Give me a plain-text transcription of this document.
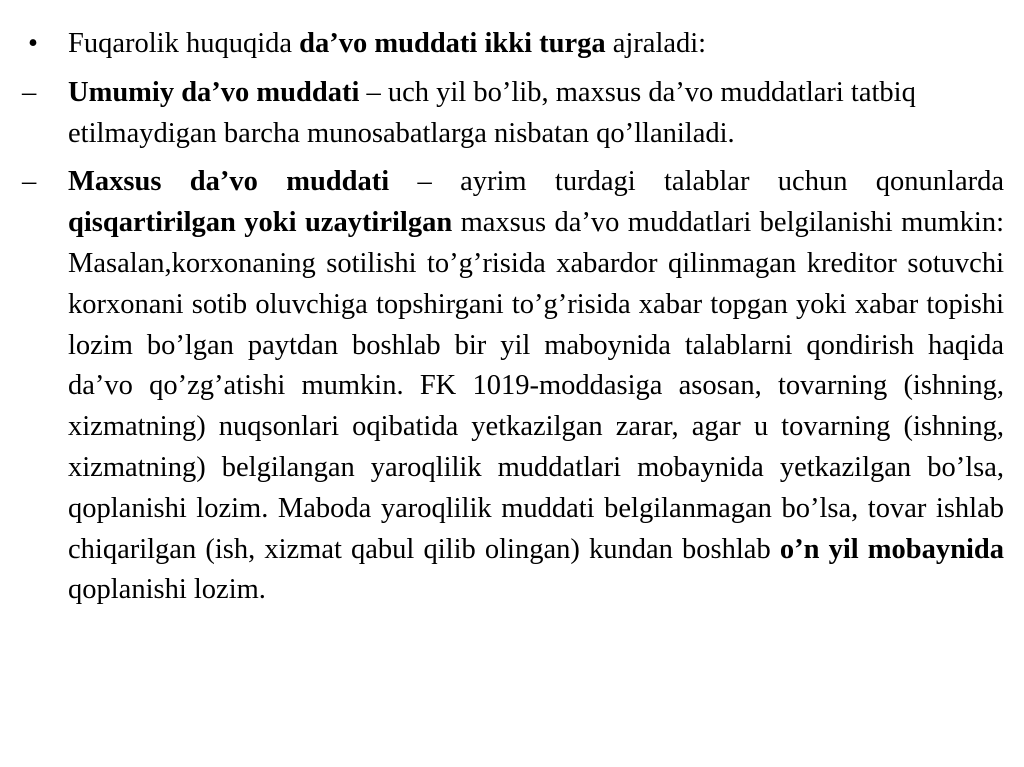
•	Fuqarolik huquqida da’vo muddati ikki turga ajraladi:
–	Umumiy da’vo muddati – uch yil bo’lib, maxsus da’vo muddatlari tatbiq etilmaydigan barcha munosabatlarga nisbatan qo’llaniladi.
–	Maxsus da’vo muddati – ayrim turdagi talablar uchun qonunlarda qisqartirilgan yoki uzaytirilgan maxsus da’vo muddatlari belgilanishi mumkin: Masalan,korxonaning sotilishi to’g’risida xabardor qilinmagan kreditor sotuvchi korxonani sotib oluvchiga topshirgani to’g’risida xabar topgan yoki xabar topishi lozim bo’lgan paytdan boshlab bir yil maboynida talablarni qondirish haqida da’vo qo’zg’atishi mumkin. FK 1019-moddasiga asosan, tovarning (ishning, xizmatning) nuqsonlari oqibatida yetkazilgan zarar, agar u tovarning (ishning, xizmatning) belgilangan yaroqlilik muddatlari mobaynida yetkazilgan bo’lsa, qoplanishi lozim. Maboda yaroqlilik muddati belgilanmagan bo’lsa, tovar ishlab chiqarilgan (ish, xizmat qabul qilib olingan) kundan boshlab o’n yil mobaynida qoplanishi lozim.
